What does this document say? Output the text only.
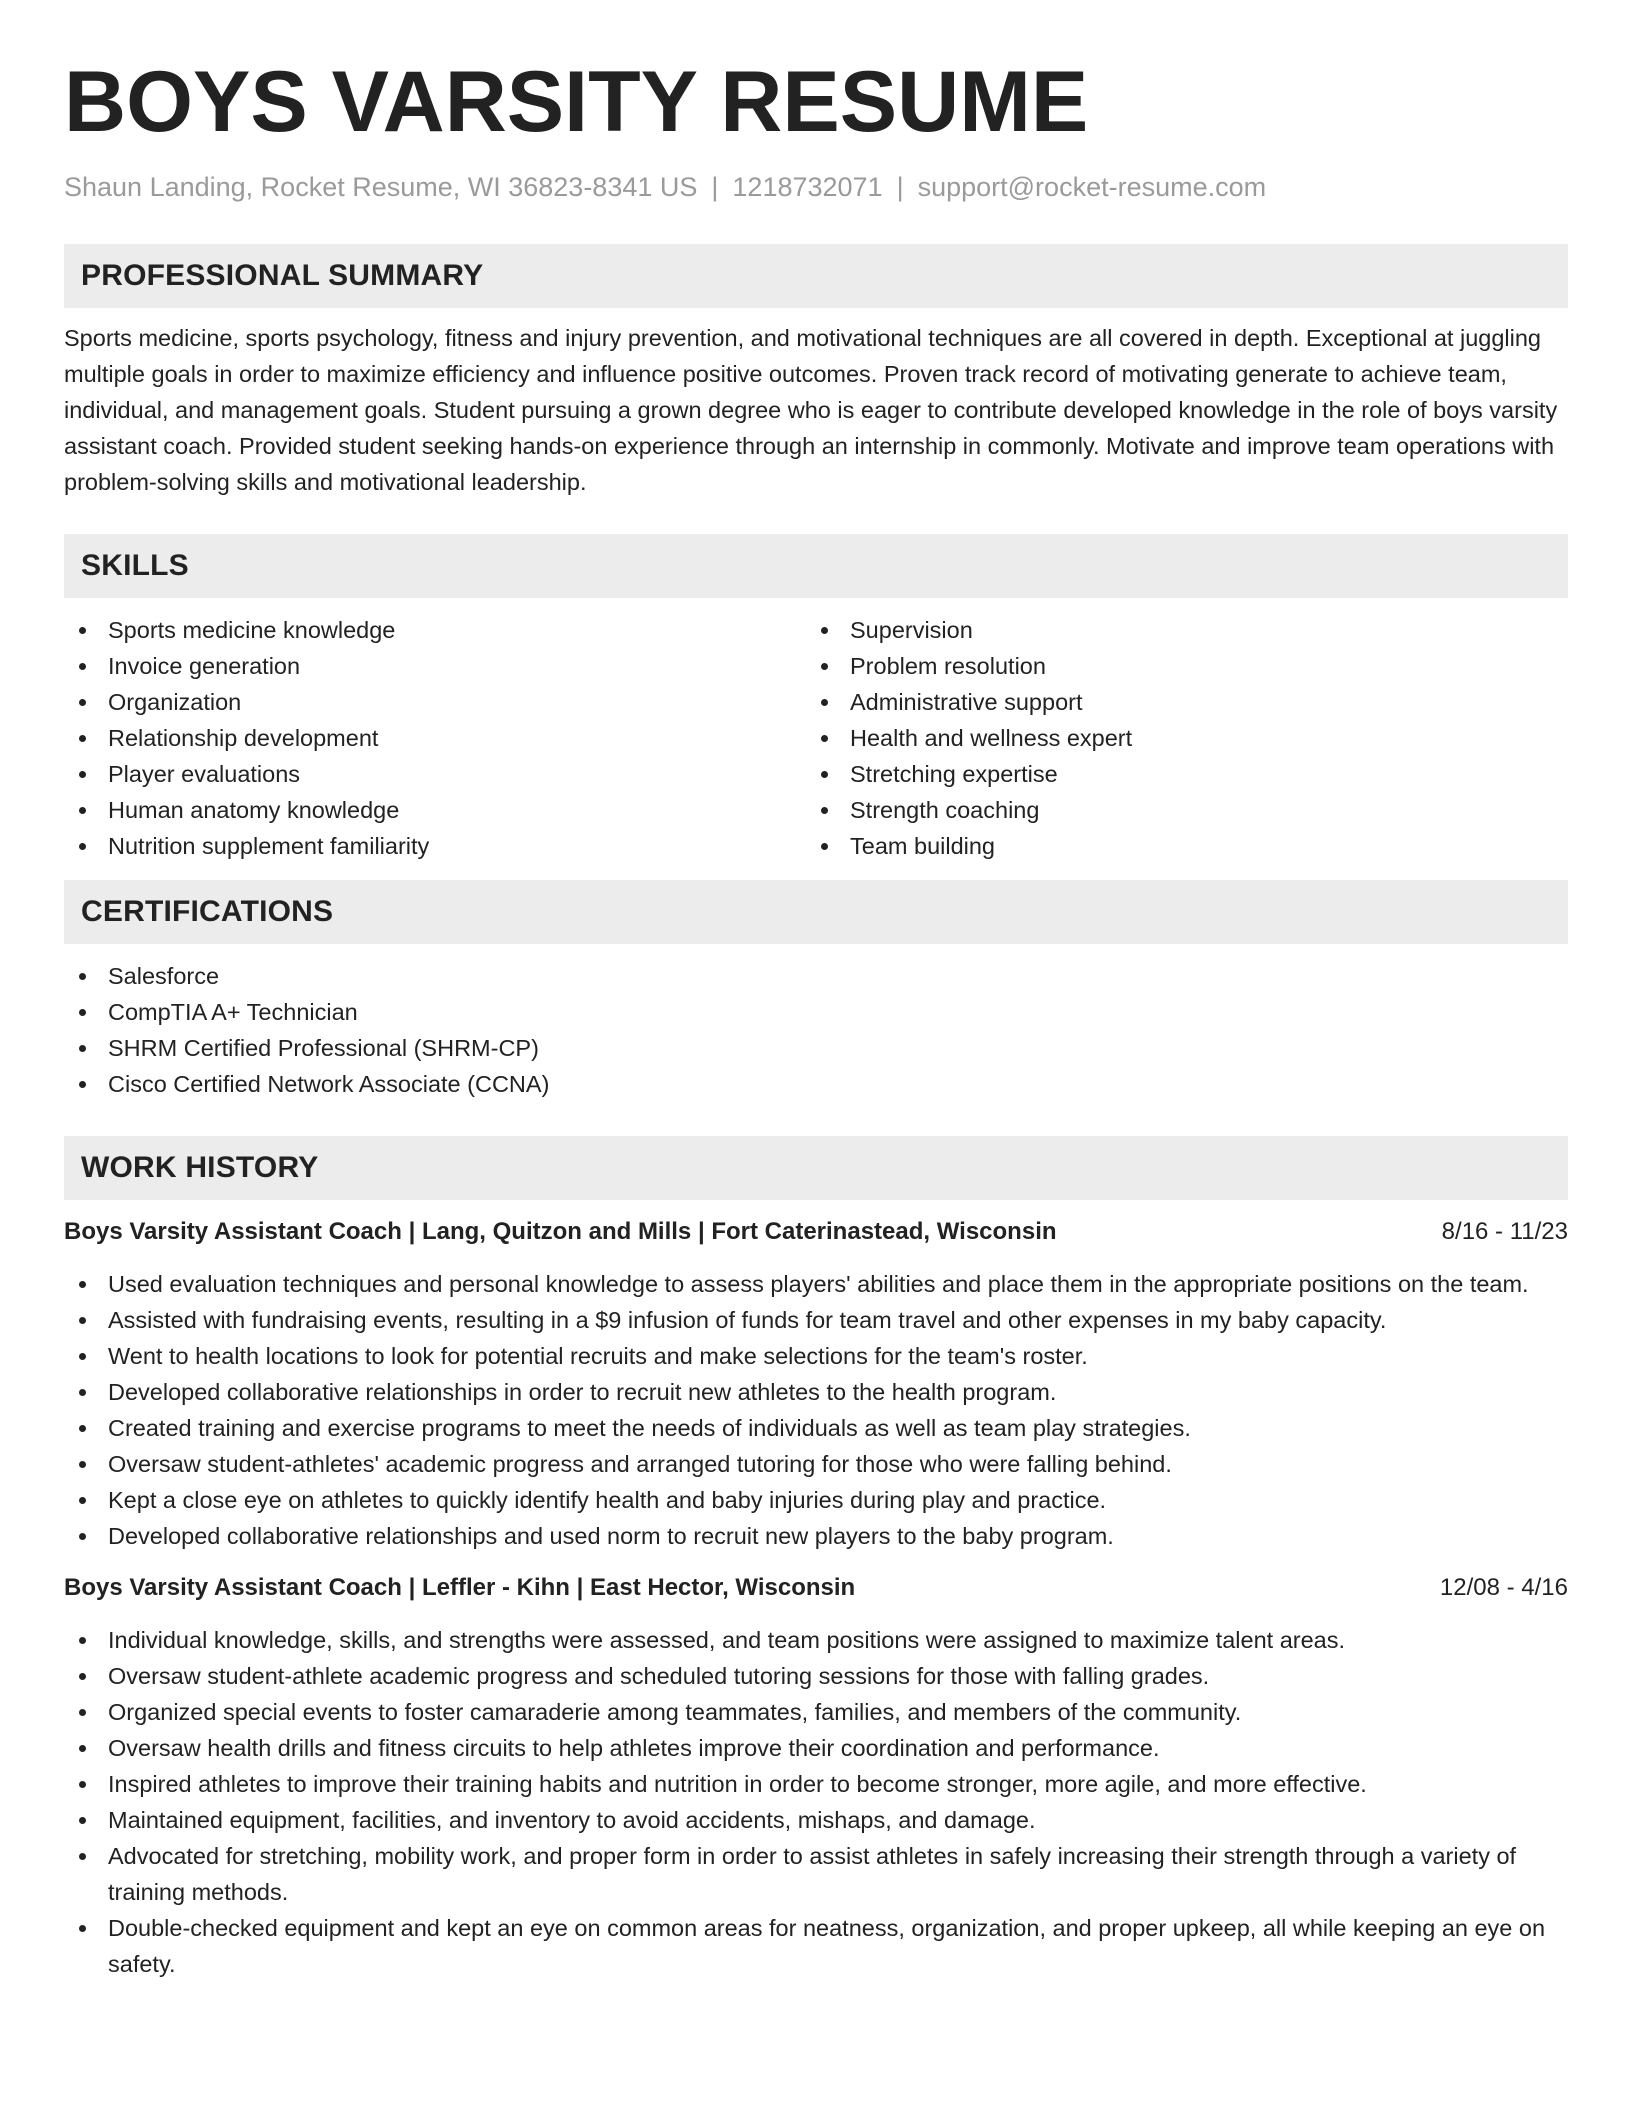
BOYS VARSITY RESUME
Shaun Landing, Rocket Resume, WI 36823-8341 US | 1218732071 | support@rocket-resume.com
PROFESSIONAL SUMMARY
Sports medicine, sports psychology, fitness and injury prevention, and motivational techniques are all covered in depth. Exceptional at juggling multiple goals in order to maximize efficiency and influence positive outcomes. Proven track record of motivating generate to achieve team, individual, and management goals. Student pursuing a grown degree who is eager to contribute developed knowledge in the role of boys varsity assistant coach. Provided student seeking hands-on experience through an internship in commonly. Motivate and improve team operations with problem-solving skills and motivational leadership.
SKILLS
Sports medicine knowledge
Invoice generation
Organization
Relationship development
Player evaluations
Human anatomy knowledge
Nutrition supplement familiarity
Supervision
Problem resolution
Administrative support
Health and wellness expert
Stretching expertise
Strength coaching
Team building
CERTIFICATIONS
Salesforce
CompTIA A+ Technician
SHRM Certified Professional (SHRM-CP)
Cisco Certified Network Associate (CCNA)
WORK HISTORY
Boys Varsity Assistant Coach | Lang, Quitzon and Mills | Fort Caterinastead, Wisconsin	8/16 - 11/23
Used evaluation techniques and personal knowledge to assess players' abilities and place them in the appropriate positions on the team.
Assisted with fundraising events, resulting in a $9 infusion of funds for team travel and other expenses in my baby capacity.
Went to health locations to look for potential recruits and make selections for the team's roster.
Developed collaborative relationships in order to recruit new athletes to the health program.
Created training and exercise programs to meet the needs of individuals as well as team play strategies.
Oversaw student-athletes' academic progress and arranged tutoring for those who were falling behind.
Kept a close eye on athletes to quickly identify health and baby injuries during play and practice.
Developed collaborative relationships and used norm to recruit new players to the baby program.
Boys Varsity Assistant Coach | Leffler - Kihn | East Hector, Wisconsin	12/08 - 4/16
Individual knowledge, skills, and strengths were assessed, and team positions were assigned to maximize talent areas.
Oversaw student-athlete academic progress and scheduled tutoring sessions for those with falling grades.
Organized special events to foster camaraderie among teammates, families, and members of the community.
Oversaw health drills and fitness circuits to help athletes improve their coordination and performance.
Inspired athletes to improve their training habits and nutrition in order to become stronger, more agile, and more effective.
Maintained equipment, facilities, and inventory to avoid accidents, mishaps, and damage.
Advocated for stretching, mobility work, and proper form in order to assist athletes in safely increasing their strength through a variety of training methods.
Double-checked equipment and kept an eye on common areas for neatness, organization, and proper upkeep, all while keeping an eye on safety.
